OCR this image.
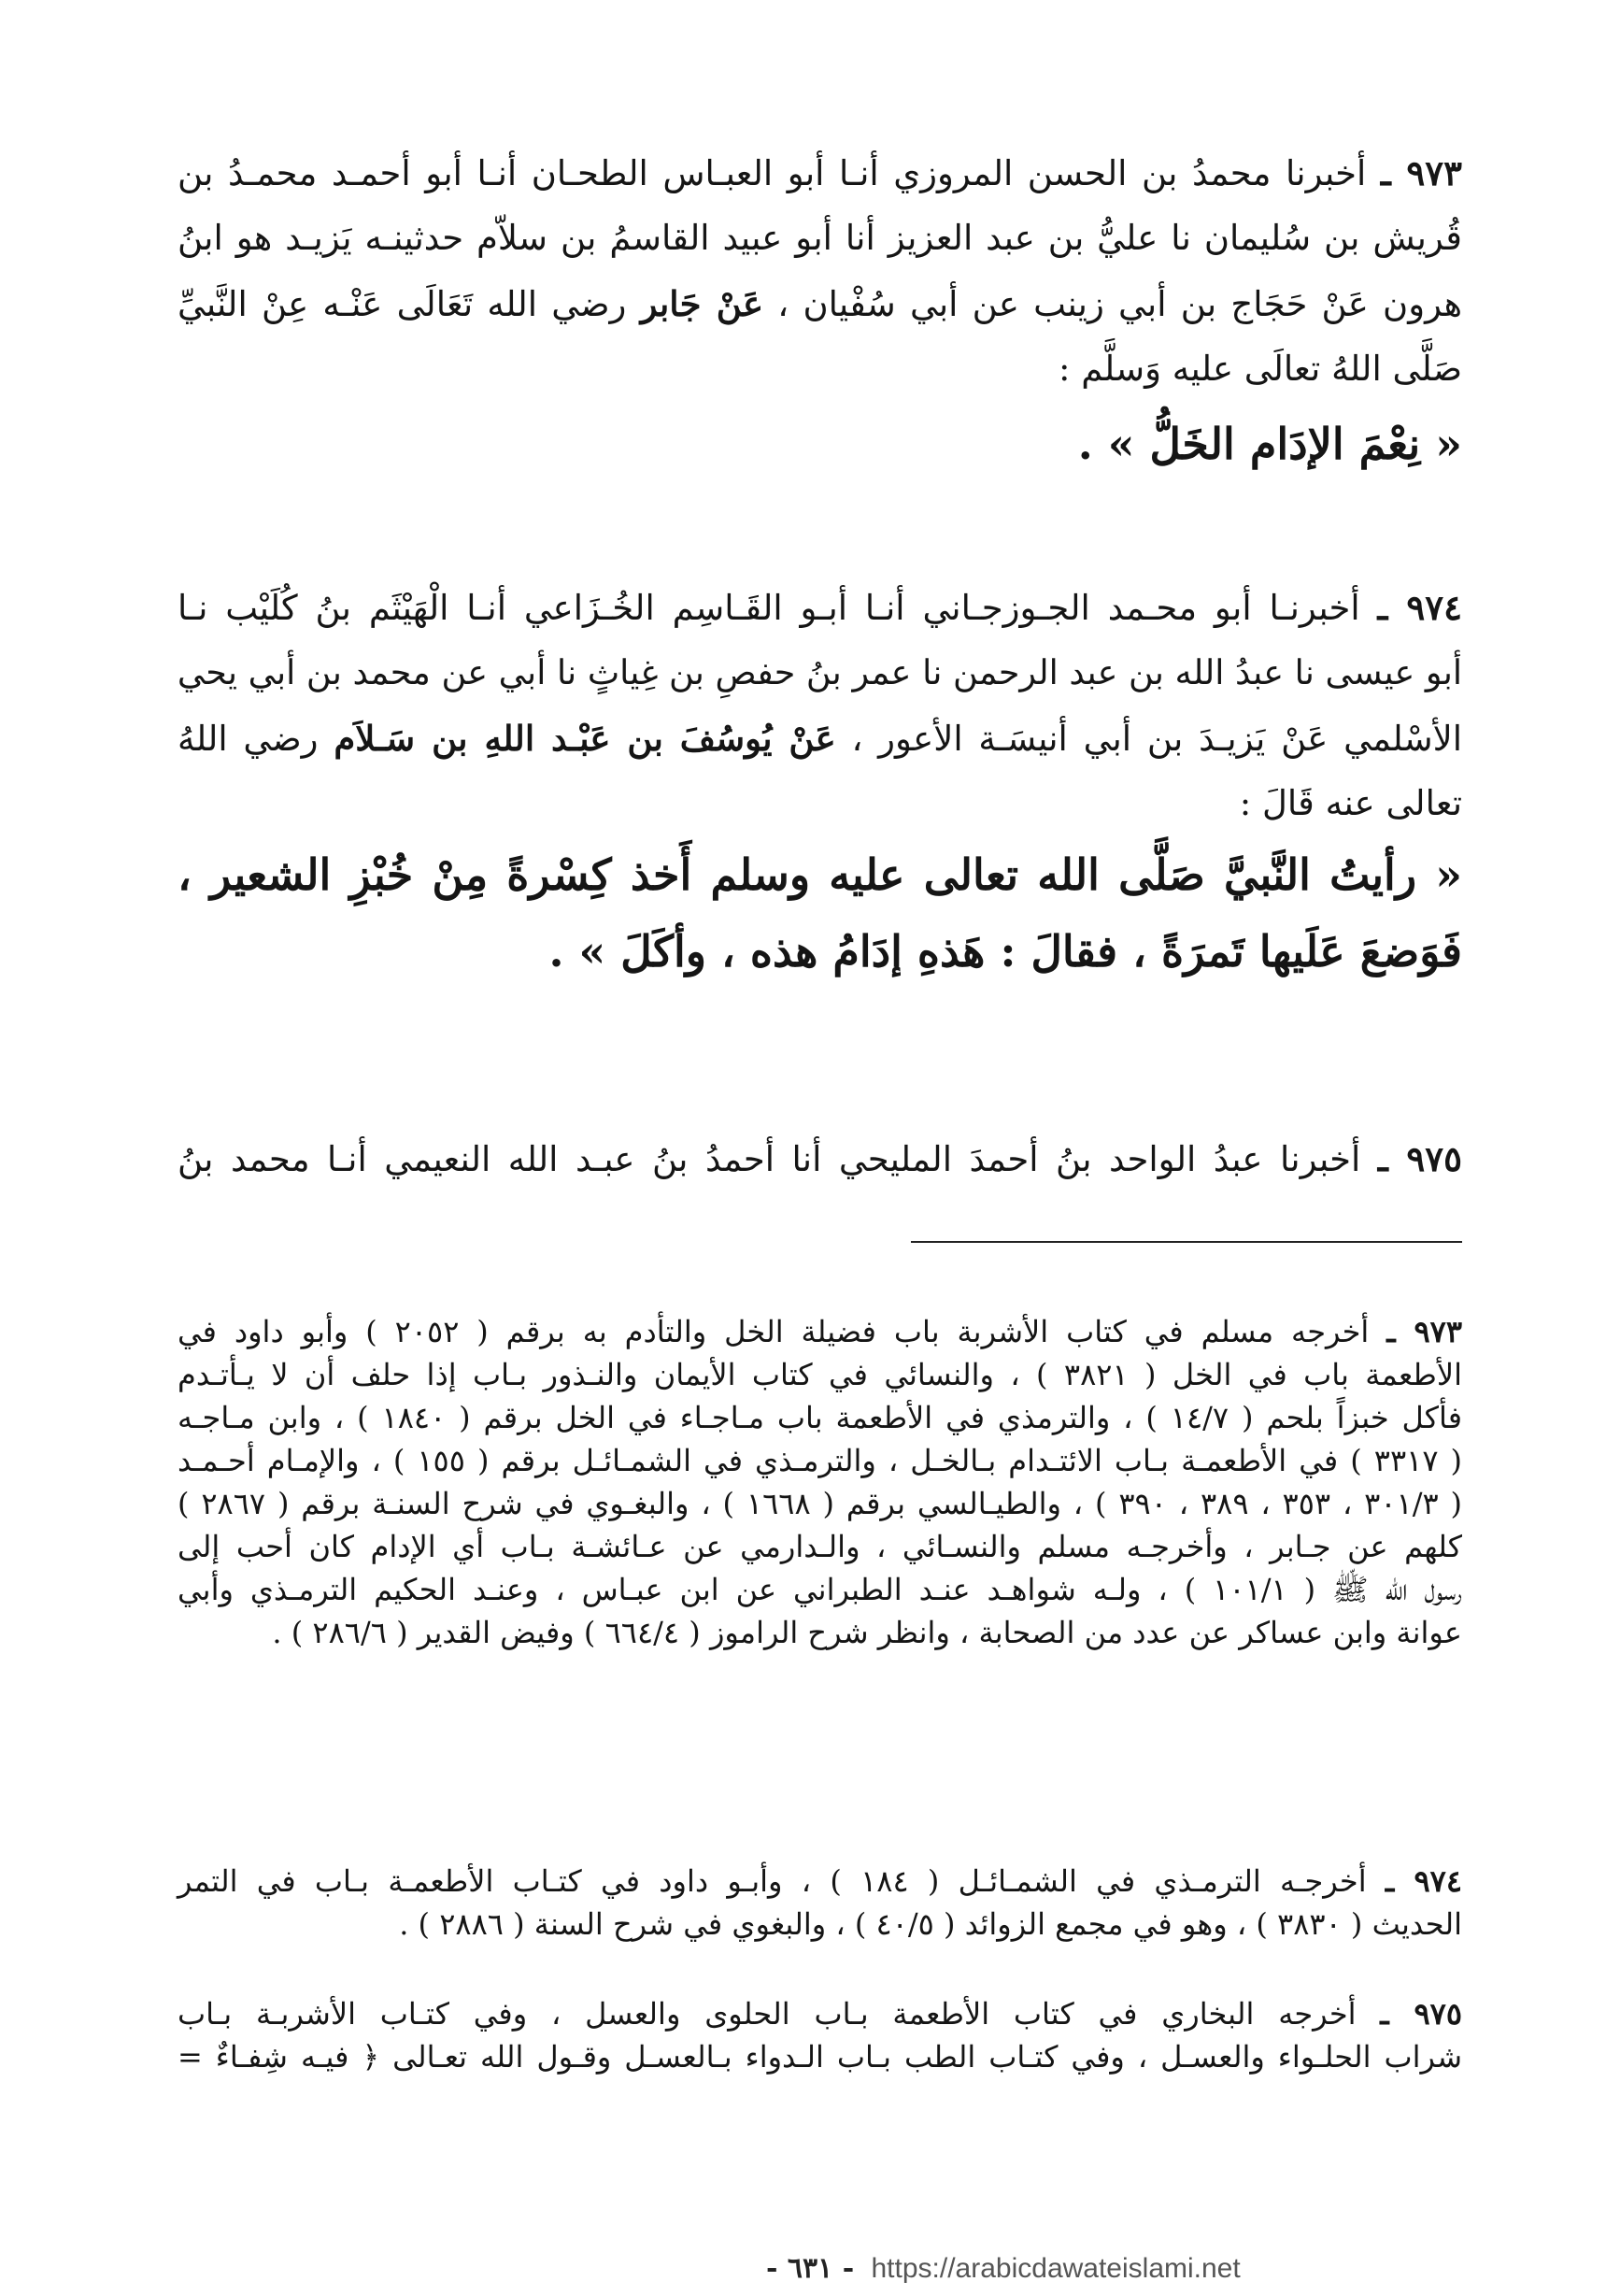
٩٧٣ ـ أخبرنا محمدُ بن الحسن المروزي أنـا أبو العبـاس الطحـان أنـا أبو أحمـد محمـدُ بن
قُريش بن سُليمان نا عليُّ بن عبد العزيز أنا أبو عبيد القاسمُ بن سلاّم حدثينـه يَزيـد هو ابنُ
هرون عَنْ حَجَاج بن أبي زينب عن أبي سُفْيان ، عَنْ جَابر رضي الله تَعَالَى عَنْـه عِنْ النَّبيِّ
صَلَّى اللهُ تعالَى عليه وَسلَّم :
« نِعْمَ الإدَام الخَلُّ » .
٩٧٤ ـ أخبرنـا أبو محـمد الجـوزجـاني أنـا أبـو القَـاسِم الخُـزَاعي أنـا الْهَيْثَم بنُ كُلَيْب نـا
أبو عيسى نا عبدُ الله بن عبد الرحمن نا عمر بنُ حفصِ بن غِياثٍ نا أبي عن محمد بن أبي يحي
الأسْلمي عَنْ يَزيـدَ بن أبي أنيسَـة الأعور ، عَنْ يُوسُفَ بن عَبْـد اللهِ بن سَـلاَم رضي اللهُ
تعالى عنه قَالَ :
« رأيتُ النَّبيَّ صَلَّى الله تعالى عليه وسلم أَخذ كِسْرةً مِنْ خُبْزِ الشعير ،
فَوَضعَ عَلَيها تَمرَةً ، فقالَ : هَذهِ إدَامُ هذه ، وأكَلَ » .
٩٧٥ ـ أخبرنا عبدُ الواحد بنُ أحمدَ المليحي أنا أحمدُ بنُ عبـد الله النعيمي أنـا محمد بنُ
٩٧٣ ـ أخرجه مسلم في كتاب الأشربة باب فضيلة الخل والتأدم به برقم ( ٢٠٥٢ ) وأبو داود في
الأطعمة باب في الخل ( ٣٨٢١ ) ، والنسائي في كتاب الأيمان والنـذور بـاب إذا حلف أن لا يـأتـدم
فأكل خبزاً بلحم ( ١٤/٧ ) ، والترمذي في الأطعمة باب مـاجـاء في الخل برقم ( ١٨٤٠ ) ، وابن مـاجـه
( ٣٣١٧ ) في الأطعمـة بـاب الائتـدام بـالخـل ، والترمـذي في الشمـائـل برقم ( ١٥٥ ) ، والإمـام أحـمـد
( ٣٠١/٣ ، ٣٥٣ ، ٣٨٩ ، ٣٩٠ ) ، والطيـالسي برقم ( ١٦٦٨ ) ، والبغـوي في شرح السنـة برقم ( ٢٨٦٧ )
كلهم عن جـابر ، وأخرجـه مسلم والنسـائي ، والـدارمي عن عـائشـة بـاب أي الإدام كان أحب إلى
رسول الله ﷺ ( ١٠١/١ ) ، ولـه شواهـد عنـد الطبراني عن ابن عبـاس ، وعنـد الحكيم الترمـذي وأبي
عوانة وابن عساكر عن عدد من الصحابة ، وانظر شرح الراموز ( ٦٦٤/٤ ) وفيض القدير ( ٢٨٦/٦ ) .
٩٧٤ ـ أخرجـه الترمـذي في الشمـائـل ( ١٨٤ ) ، وأبـو داود في كتـاب الأطعمـة بـاب في التمر
الحديث ( ٣٨٣٠ ) ، وهو في مجمع الزوائد ( ٤٠/٥ ) ، والبغوي في شرح السنة ( ٢٨٨٦ ) .
٩٧٥ ـ أخرجه البخاري في كتاب الأطعمة بـاب الحلوى والعسل ، وفي كتـاب الأشربـة بـاب
شراب الحلـواء والعسـل ، وفي كتـاب الطب بـاب الـدواء بـالعسـل وقـول الله تعـالى ﴿ فيـه شِفـاءٌ =
- ٦٣١ - https://arabicdawateislami.net
